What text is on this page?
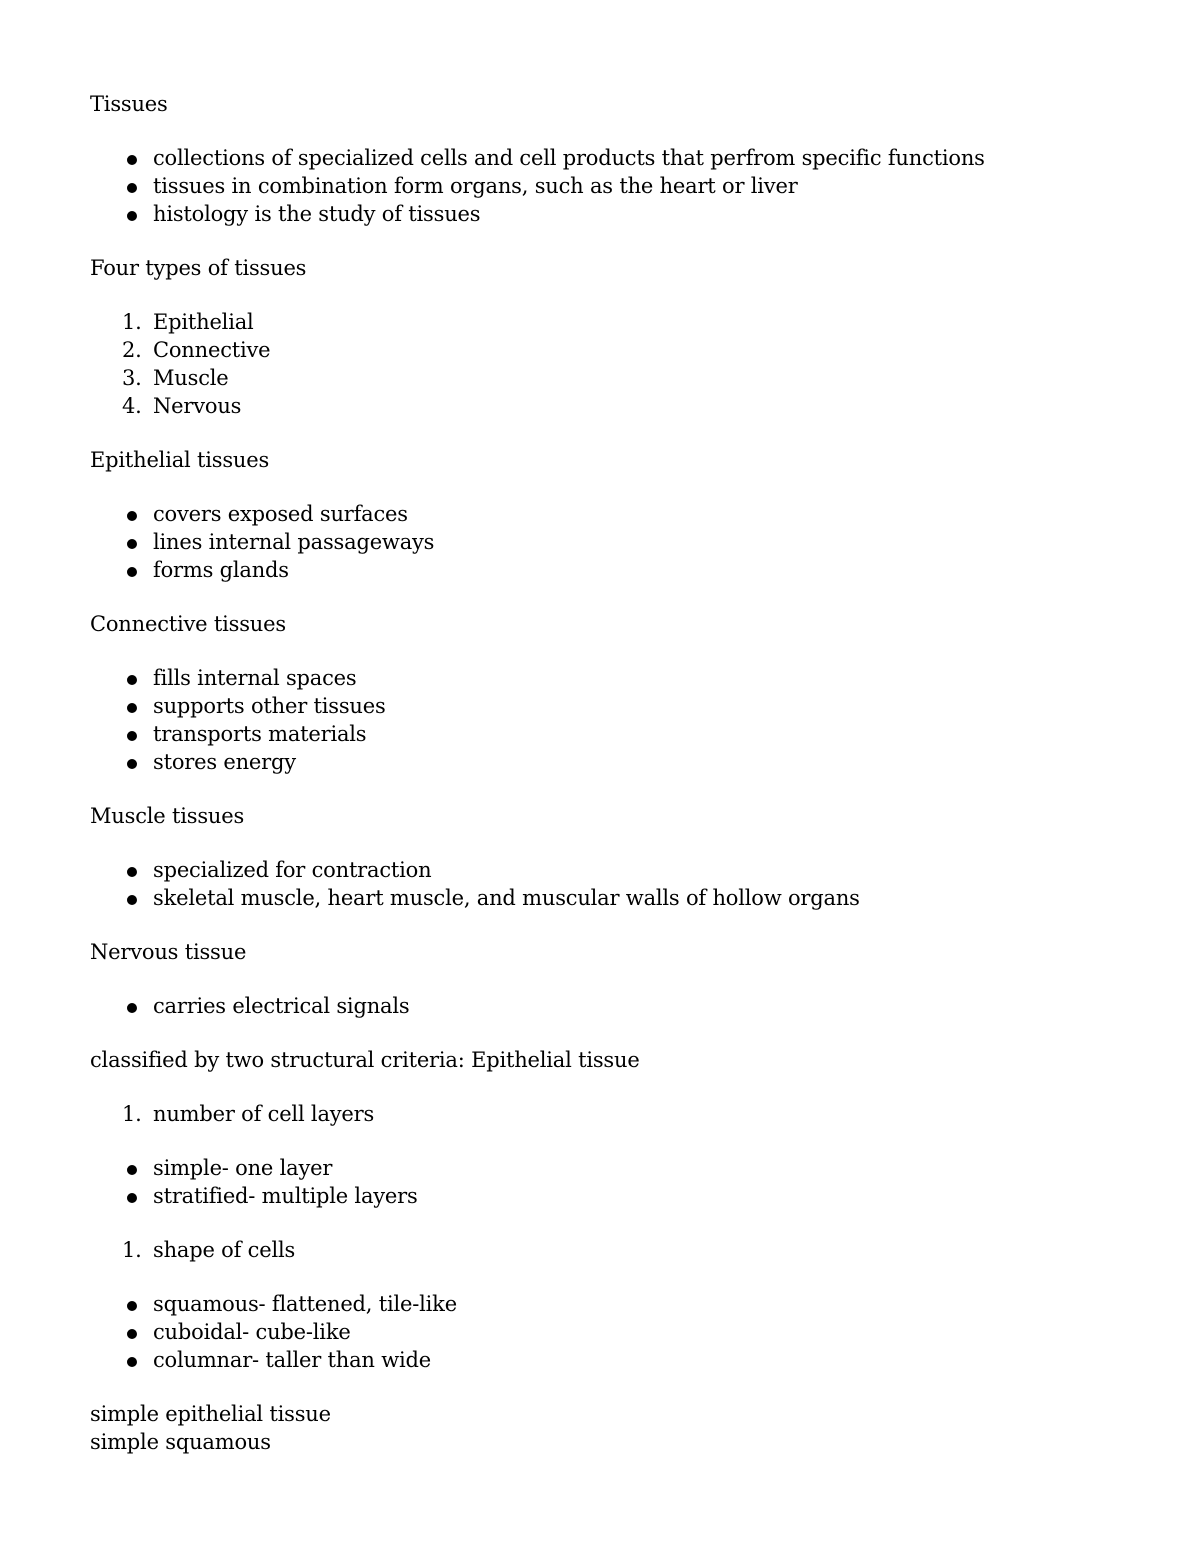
Tissues

collections of specialized cells and cell products that perfrom specific functions
tissues in combination form organs, such as the heart or liver
histology is the study of tissues

Four types of tissues

1. Epithelial
2. Connective
3. Muscle
4. Nervous

Epithelial tissues

covers exposed surfaces
lines internal passageways
forms glands

Connective tissues

fills internal spaces
supports other tissues
transports materials
stores energy

Muscle tissues

specialized for contraction
skeletal muscle, heart muscle, and muscular walls of hollow organs

Nervous tissue

carries electrical signals

classified by two structural criteria: Epithelial tissue

1. number of cell layers
simple- one layer
stratified- multiple layers
1. shape of cells
squamous- flattened, tile-like
cuboidal- cube-like
columnar- taller than wide

simple epithelial tissue

simple squamous
